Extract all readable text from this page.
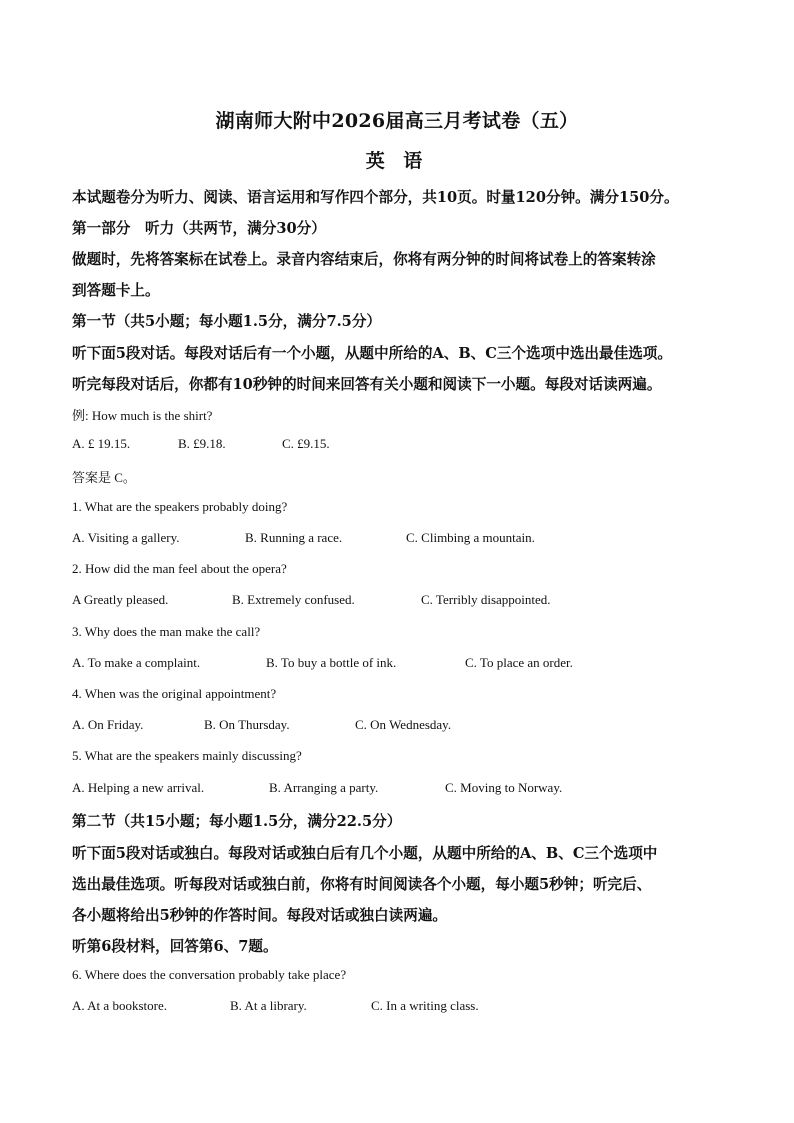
湖南师大附中2026届高三月考试卷（五）
英 语
本试题卷分为听力、阅读、语言运用和写作四个部分，共10页。时量120分钟。满分150分。
第一部分　听力（共两节，满分30分）
做题时，先将答案标在试卷上。录音内容结束后，你将有两分钟的时间将试卷上的答案转涂
到答题卡上。
第一节（共5小题；每小题1.5分，满分7.5分）
听下面5段对话。每段对话后有一个小题，从题中所给的A、B、C三个选项中选出最佳选项。
听完每段对话后，你都有10秒钟的时间来回答有关小题和阅读下一小题。每段对话读两遍。
例: How much is the shirt?
A. £ 19.15.	B. £9.18.	C. £9.15.
答案是 C。
1. What are the speakers probably doing?
A. Visiting a gallery.	B. Running a race.	C. Climbing a mountain.
2. How did the man feel about the opera?
A Greatly pleased.	B. Extremely confused.	C. Terribly disappointed.
3. Why does the man make the call?
A. To make a complaint.	B. To buy a bottle of ink.	C. To place an order.
4. When was the original appointment?
A. On Friday.	B. On Thursday.	C. On Wednesday.
5. What are the speakers mainly discussing?
A. Helping a new arrival.	B. Arranging a party.	C. Moving to Norway.
第二节（共15小题；每小题1.5分，满分22.5分）
听下面5段对话或独白。每段对话或独白后有几个小题，从题中所给的A、B、C三个选项中
选出最佳选项。听每段对话或独白前，你将有时间阅读各个小题，每小题5秒钟；听完后、
各小题将给出5秒钟的作答时间。每段对话或独白读两遍。
听第6段材料，回答第6、7题。
6. Where does the conversation probably take place?
A. At a bookstore.	B. At a library.	C. In a writing class.
